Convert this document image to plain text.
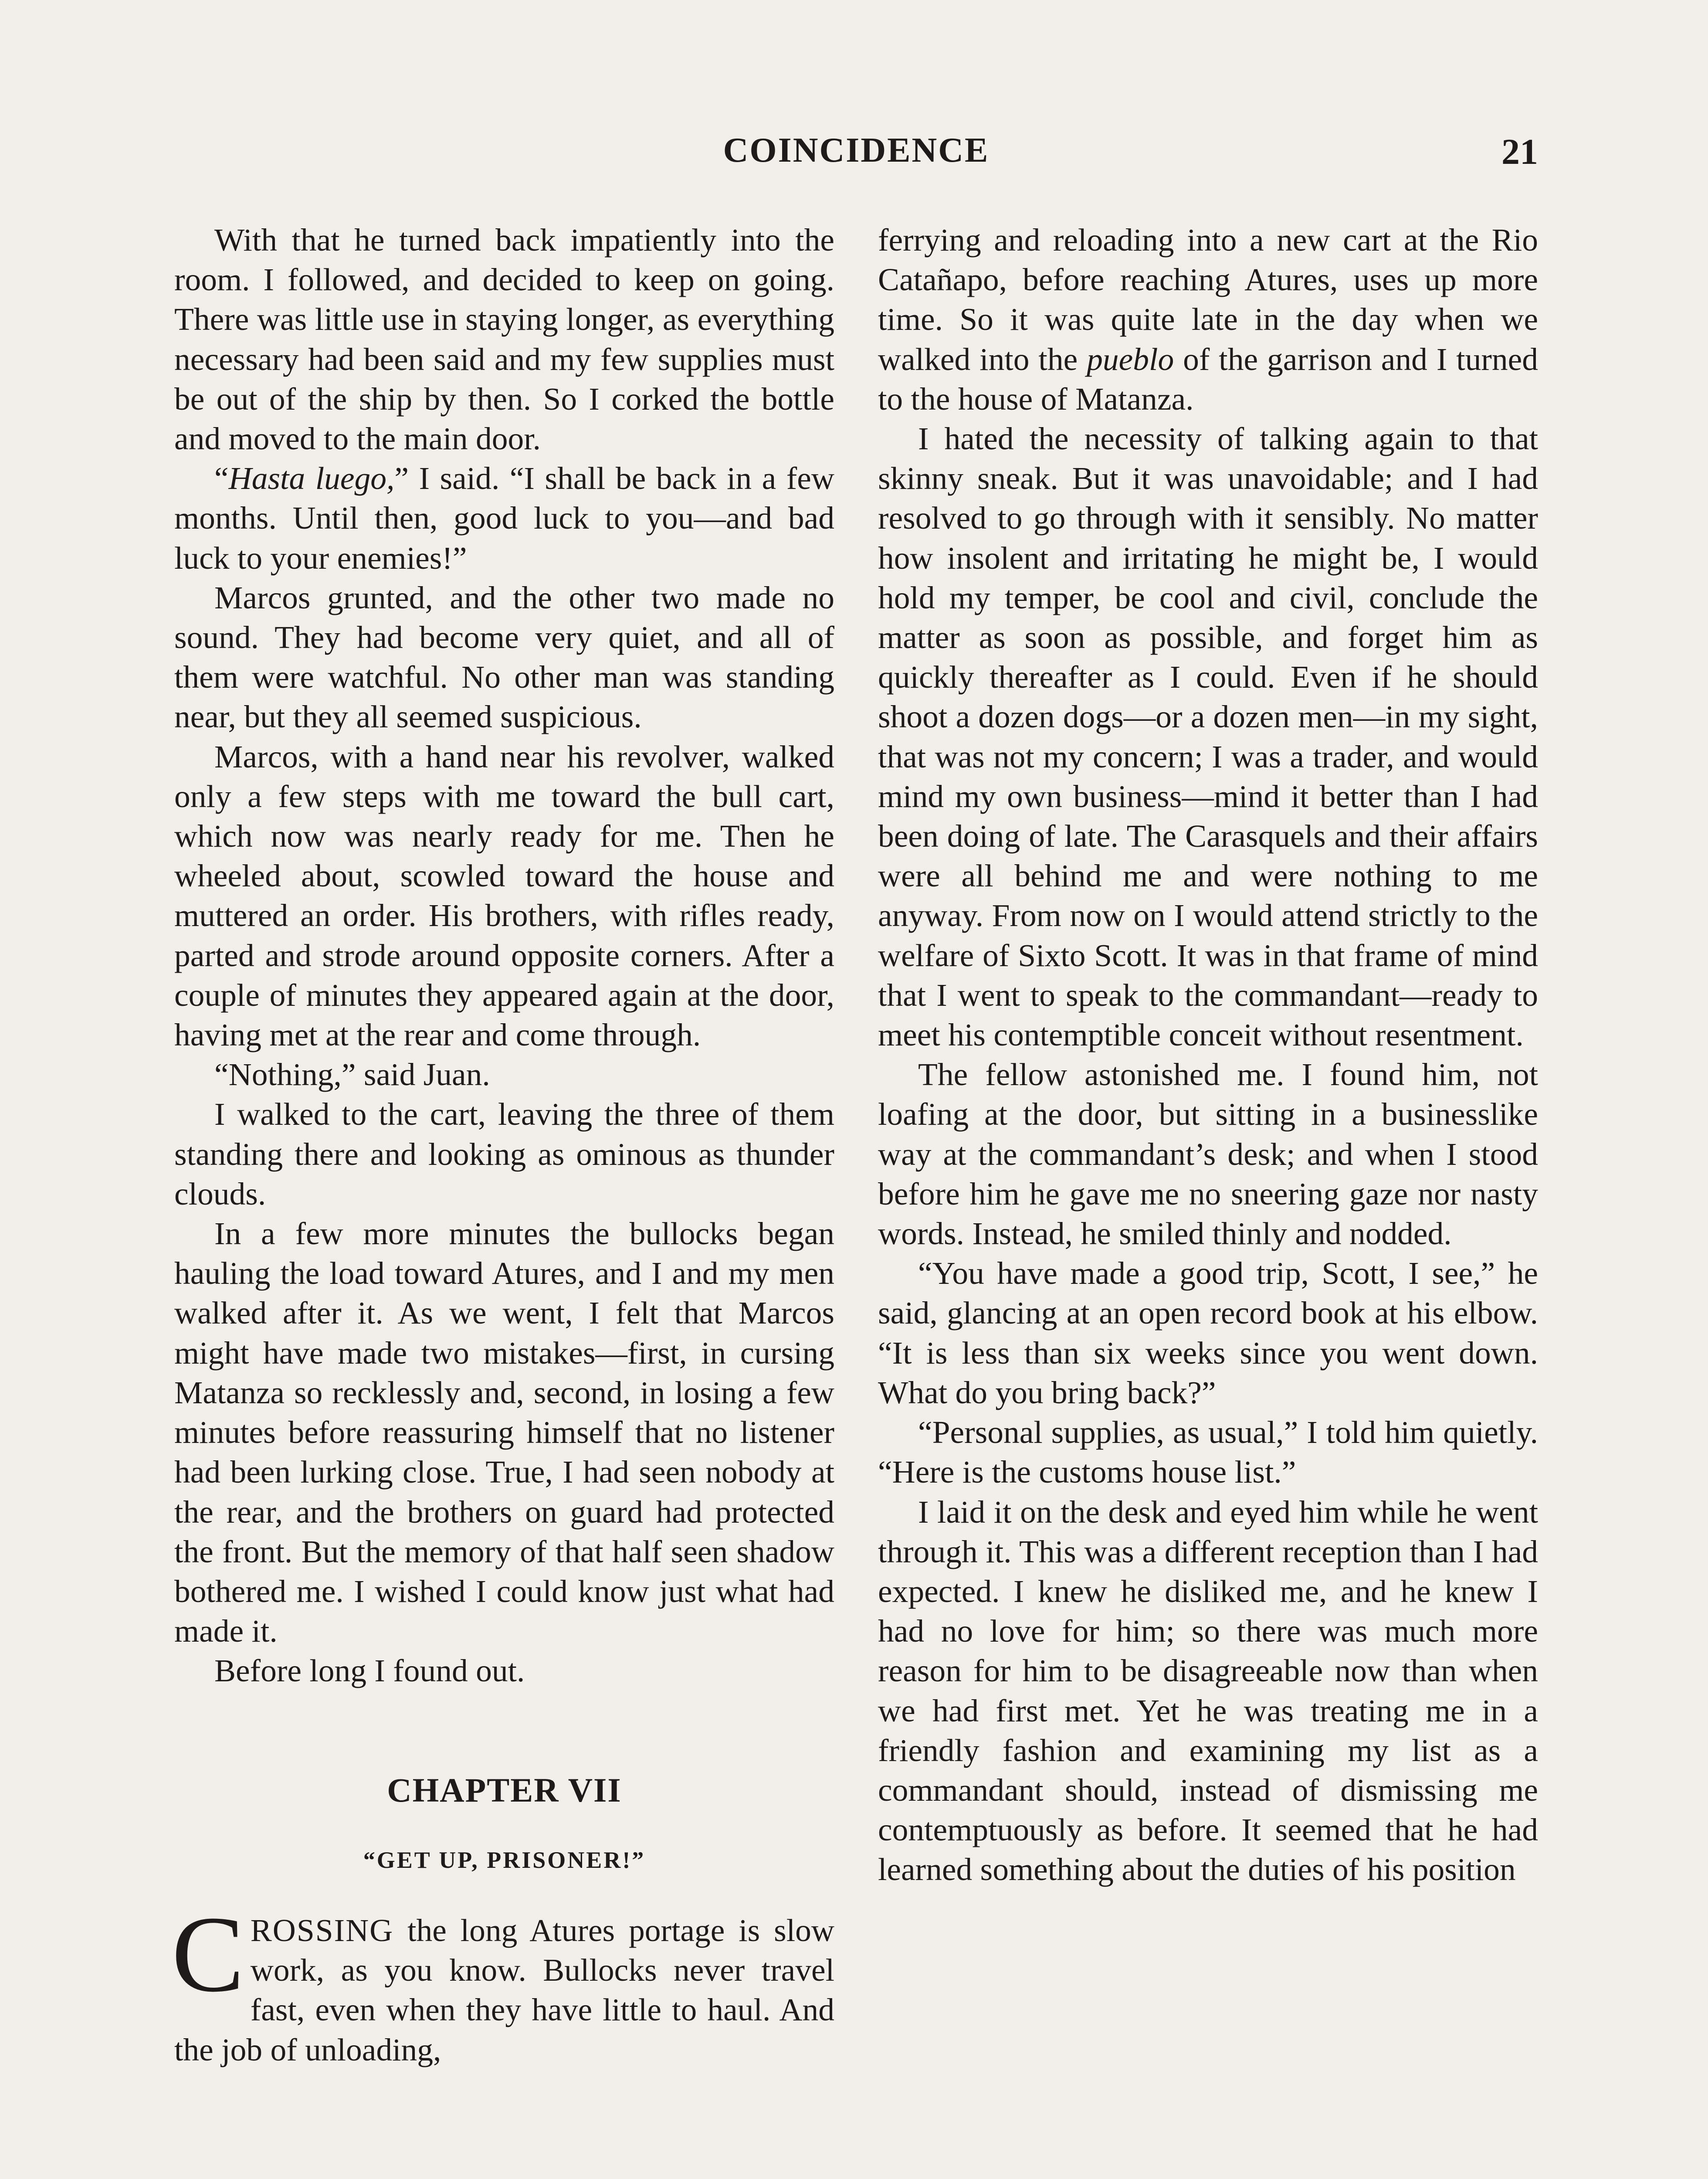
COINCIDENCE	21

With that he turned back impatiently into the room. I followed, and decided to keep on going. There was little use in staying longer, as everything necessary had been said and my few supplies must be out of the ship by then. So I corked the bottle and moved to the main door.

“Hasta luego,” I said. “I shall be back in a few months. Until then, good luck to you—and bad luck to your enemies!”

Marcos grunted, and the other two made no sound. They had become very quiet, and all of them were watchful. No other man was standing near, but they all seemed suspicious.

Marcos, with a hand near his revolver, walked only a few steps with me toward the bull cart, which now was nearly ready for me. Then he wheeled about, scowled toward the house and muttered an order. His brothers, with rifles ready, parted and strode around opposite corners. After a couple of minutes they appeared again at the door, having met at the rear and come through.

“Nothing,” said Juan.

I walked to the cart, leaving the three of them standing there and looking as ominous as thunder clouds.

In a few more minutes the bullocks began hauling the load toward Atures, and I and my men walked after it. As we went, I felt that Marcos might have made two mistakes—first, in cursing Matanza so recklessly and, second, in losing a few minutes before reassuring himself that no listener had been lurking close. True, I had seen nobody at the rear, and the brothers on guard had protected the front. But the memory of that half seen shadow bothered me. I wished I could know just what had made it.

Before long I found out.

CHAPTER VII
“GET UP, PRISONER!”

CROSSING the long Atures portage is slow work, as you know. Bullocks never travel fast, even when they have little to haul. And the job of unloading,

ferrying and reloading into a new cart at the Rio Catañapo, before reaching Atures, uses up more time. So it was quite late in the day when we walked into the pueblo of the garrison and I turned to the house of Matanza.

I hated the necessity of talking again to that skinny sneak. But it was unavoidable; and I had resolved to go through with it sensibly. No matter how insolent and irritating he might be, I would hold my temper, be cool and civil, conclude the matter as soon as possible, and forget him as quickly thereafter as I could. Even if he should shoot a dozen dogs—or a dozen men—in my sight, that was not my concern; I was a trader, and would mind my own business—mind it better than I had been doing of late. The Carasquels and their affairs were all behind me and were nothing to me anyway. From now on I would attend strictly to the welfare of Sixto Scott. It was in that frame of mind that I went to speak to the commandant—ready to meet his contemptible conceit without resentment.

The fellow astonished me. I found him, not loafing at the door, but sitting in a businesslike way at the commandant’s desk; and when I stood before him he gave me no sneering gaze nor nasty words. Instead, he smiled thinly and nodded.

“You have made a good trip, Scott, I see,” he said, glancing at an open record book at his elbow. “It is less than six weeks since you went down. What do you bring back?”

“Personal supplies, as usual,” I told him quietly. “Here is the customs house list.”

I laid it on the desk and eyed him while he went through it. This was a different reception than I had expected. I knew he disliked me, and he knew I had no love for him; so there was much more reason for him to be disagreeable now than when we had first met. Yet he was treating me in a friendly fashion and examining my list as a commandant should, instead of dismissing me contemptuously as before. It seemed that he had learned something about the duties of his position
